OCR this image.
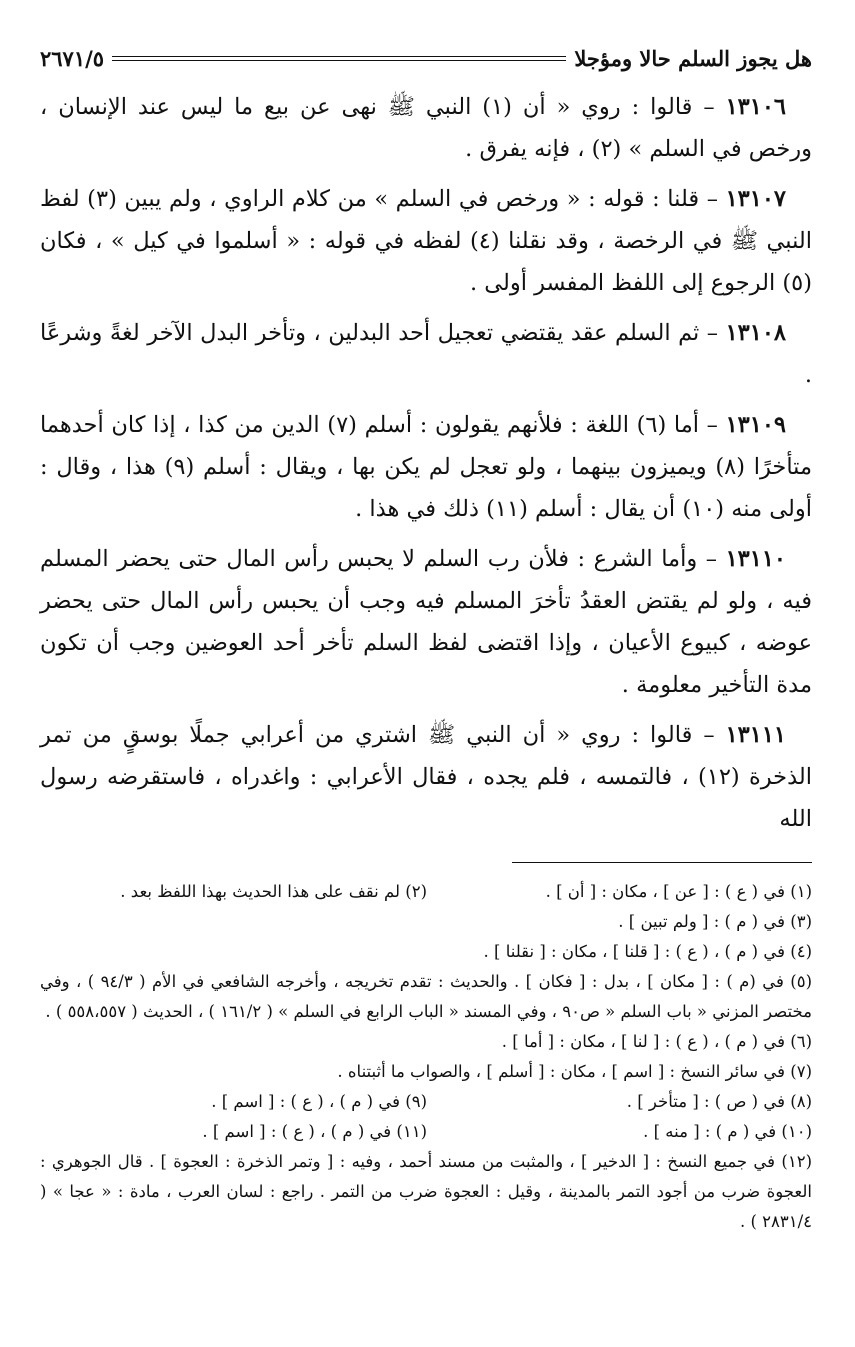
هل يجوز السلم حالا ومؤجلا
٢٦٧١/٥

١٣١٠٦ – قالوا : روي « أن (١) النبي ﷺ نهى عن بيع ما ليس عند الإنسان ، ورخص في السلم » (٢) ، فإنه يفرق .

١٣١٠٧ – قلنا : قوله : « ورخص في السلم » من كلام الراوي ، ولم يبين (٣) لفظ النبي ﷺ في الرخصة ، وقد نقلنا (٤) لفظه في قوله : « أسلموا في كيل » ، فكان (٥) الرجوع إلى اللفظ المفسر أولى .

١٣١٠٨ – ثم السلم عقد يقتضي تعجيل أحد البدلين ، وتأخر البدل الآخر لغةً وشرعًا .

١٣١٠٩ – أما (٦) اللغة : فلأنهم يقولون : أسلم (٧) الدين من كذا ، إذا كان أحدهما متأخرًا (٨) ويميزون بينهما ، ولو تعجل لم يكن بها ، ويقال : أسلم (٩) هذا ، وقال : أولى منه (١٠) أن يقال : أسلم (١١) ذلك في هذا .

١٣١١٠ – وأما الشرع : فلأن رب السلم لا يحبس رأس المال حتى يحضر المسلم فيه ، ولو لم يقتض العقدُ تأخرَ المسلم فيه وجب أن يحبس رأس المال حتى يحضر عوضه ، كبيوع الأعيان ، وإذا اقتضى لفظ السلم تأخر أحد العوضين وجب أن تكون مدة التأخير معلومة .

١٣١١١ – قالوا : روي « أن النبي ﷺ اشتري من أعرابي جملًا بوسقٍ من تمر الذخرة (١٢) ، فالتمسه ، فلم يجده ، فقال الأعرابي : واغدراه ، فاستقرضه رسول الله

(١) في ( ع ) : [ عن ] ، مكان : [ أن ] .
(٢) لم نقف على هذا الحديث بهذا اللفظ بعد .
(٣) في ( م ) : [ ولم تبين ] .
(٤) في ( م ) ، ( ع ) : [ قلنا ] ، مكان : [ نقلنا ] .
(٥) في (م ) : [ مكان ] ، بدل : [ فكان ] . والحديث : تقدم تخريجه ، وأخرجه الشافعي في الأم ( ٩٤/٣ ) ، وفي مختصر المزني « باب السلم « ص٩٠ ، وفي المسند « الباب الرابع في السلم » ( ١٦١/٢ ) ، الحديث ( ٥٥٨،٥٥٧ ) .
(٦) في ( م ) ، ( ع ) : [ لنا ] ، مكان : [ أما ] .
(٧) في سائر النسخ : [ اسم ] ، مكان : [ أسلم ] ، والصواب ما أثبتناه .
(٨) في ( ص ) : [ متأخر ] .
(٩) في ( م ) ، ( ع ) : [ اسم ] .
(١٠) في ( م ) : [ منه ] .
(١١) في ( م ) ، ( ع ) : [ اسم ] .
(١٢) في جميع النسخ : [ الدخير ] ، والمثبت من مسند أحمد ، وفيه : [ وتمر الذخرة : العجوة ] . قال الجوهري : العجوة ضرب من أجود التمر بالمدينة ، وقيل : العجوة ضرب من التمر . راجع : لسان العرب ، مادة : « عجا » ( ٢٨٣١/٤ ) .
